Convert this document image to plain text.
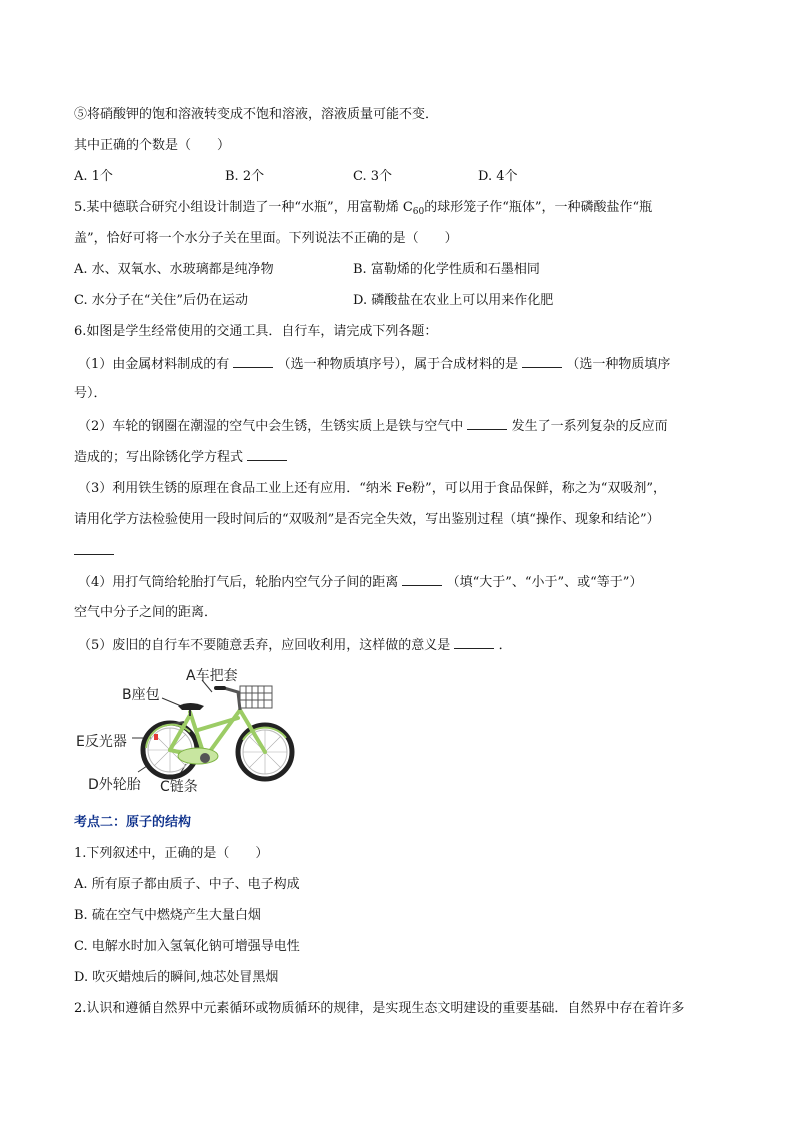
⑤将硝酸钾的饱和溶液转变成不饱和溶液，溶液质量可能不变．
其中正确的个数是（　　）
A. 1个	B. 2个	C. 3个	D. 4个
5.某中德联合研究小组设计制造了一种“水瓶”，用富勒烯 $C_{60}$的球形笼子作“瓶体”，一种磷酸盐作“瓶
盖”，恰好可将一个水分子关在里面。下列说法不正确的是（　　）
A. 水、双氧水、水玻璃都是纯净物	B. 富勒烯的化学性质和石墨相同
C. 水分子在“关住”后仍在运动	D. 磷酸盐在农业上可以用来作化肥
6.如图是学生经常使用的交通工具．自行车，请完成下列各题：
（1）由金属材料制成的有	（选一种物质填序号），属于合成材料的是	（选一种物质填序
号）．
（2）车轮的钢圈在潮湿的空气中会生锈，生锈实质上是铁与空气中	发生了一系列复杂的反应而
造成的；写出除锈化学方程式
（3）利用铁生锈的原理在食品工业上还有应用．“纳米 Fe粉”，可以用于食品保鲜，称之为“双吸剂”，
请用化学方法检验使用一段时间后的“双吸剂”是否完全失效，写出鉴别过程（填“操作、现象和结论”）
（4）用打气筒给轮胎打气后，轮胎内空气分子间的距离	（填“大于”、“小于”、或“等于”）
空气中分子之间的距离．
（5）废旧的自行车不要随意丢弃，应回收利用，这样做的意义是	．
A车把套
B座包
E反光器
D外轮胎 C链条
考点二：原子的结构
1.下列叙述中，正确的是（　　）
A. 所有原子都由质子、中子、电子构成
B. 硫在空气中燃烧产生大量白烟
C. 电解水时加入氢氧化钠可增强导电性
D. 吹灭蜡烛后的瞬间,烛芯处冒黑烟
2.认识和遵循自然界中元素循环或物质循环的规律，是实现生态文明建设的重要基础．自然界中存在着许多
